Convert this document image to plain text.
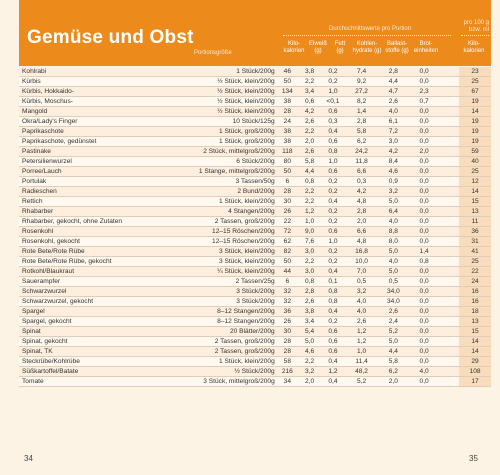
Gemüse und Obst
Portionsgröße
Durchschnittswerte pro Portion
pro 100 g bzw. ml
Kilo-
kalorien
Eiweiß
(g)
Fett
(g)
Kohlen-
hydrate (g)
Ballast-
stoffe (g)
Brot-
einheiten
Kilo-
kalorien
Kohlrabi	1 Stück/200g	46	3,8	0,2	7,4	2,8	0,0		23
Kürbis	½ Stück, klein/200g	50	2,2	0,2	9,2	4,4	0,0		25
Kürbis, Hokkaido-	½ Stück, klein/200g	134	3,4	1,0	27,2	4,7	2,3		67
Kürbis, Moschus-	½ Stück, klein/200g	38	0,6	<0,1	8,2	2,6	0,7		19
Mangold	½ Stück, klein/200g	28	4,2	0,6	1,4	4,0	0,0		14
Okra/Lady's Finger	10 Stück/125g	24	2,6	0,3	2,8	6,1	0,0		19
Paprikaschote	1 Stück, groß/200g	38	2,2	0,4	5,8	7,2	0,0		19
Paprikaschote, gedünstet	1 Stück, groß/200g	38	2,0	0,6	6,2	3,0	0,0		19
Pastinake	2 Stück, mittelgroß/200g	118	2,6	0,8	24,2	4,2	2,0		59
Petersilienwurzel	6 Stück/200g	80	5,8	1,0	11,8	8,4	0,0		40
Porree/Lauch	1 Stange, mittelgroß/200g	50	4,4	0,6	6,6	4,6	0,0		25
Portulak	3 Tassen/50g	6	0,8	0,2	0,3	0,9	0,0		12
Radieschen	2 Bund/200g	28	2,2	0,2	4,2	3,2	0,0		14
Rettich	1 Stück, klein/200g	30	2,2	0,4	4,8	5,0	0,0		15
Rhabarber	4 Stangen/200g	26	1,2	0,2	2,8	6,4	0,0		13
Rhabarber, gekocht, ohne Zutaten	2 Tassen, groß/200g	22	1,0	0,2	2,0	4,0	0,0		11
Rosenkohl	12–15 Röschen/200g	72	9,0	0,6	6,6	8,8	0,0		36
Rosenkohl, gekocht	12–15 Röschen/200g	62	7,6	1,0	4,8	8,0	0,0		31
Rote Bete/Rote Rübe	3 Stück, klein/200g	82	3,0	0,2	16,8	5,0	1,4		41
Rote Bete/Rote Rübe, gekocht	3 Stück, klein/200g	50	2,2	0,2	10,0	4,0	0,8		25
Rotkohl/Blaukraut	¼ Stück, klein/200g	44	3,0	0,4	7,0	5,0	0,0		22
Sauerampfer	2 Tassen/25g	6	0,8	0,1	0,5	0,5	0,0		24
Schwarzwurzel	3 Stück/200g	32	2,8	0,8	3,2	34,0	0,0		16
Schwarzwurzel, gekocht	3 Stück/200g	32	2,6	0,8	4,0	34,0	0,0		16
Spargel	8–12 Stangen/200g	36	3,8	0,4	4,0	2,6	0,0		18
Spargel, gekocht	8–12 Stangen/200g	26	3,4	0,2	2,6	2,4	0,0		13
Spinat	20 Blätter/200g	30	5,4	0,6	1,2	5,2	0,0		15
Spinat, gekocht	2 Tassen, groß/200g	28	5,0	0,6	1,2	5,0	0,0		14
Spinat, TK	2 Tassen, groß/200g	28	4,6	0,6	1,0	4,4	0,0		14
Steckrübe/Kohlrübe	1 Stück, klein/200g	58	2,2	0,4	11,4	5,8	0,0		29
Süßkartoffel/Batate	½ Stück/200g	216	3,2	1,2	48,2	6,2	4,0		108
Tomate	3 Stück, mittelgroß/200g	34	2,0	0,4	5,2	2,0	0,0		17
34	35
